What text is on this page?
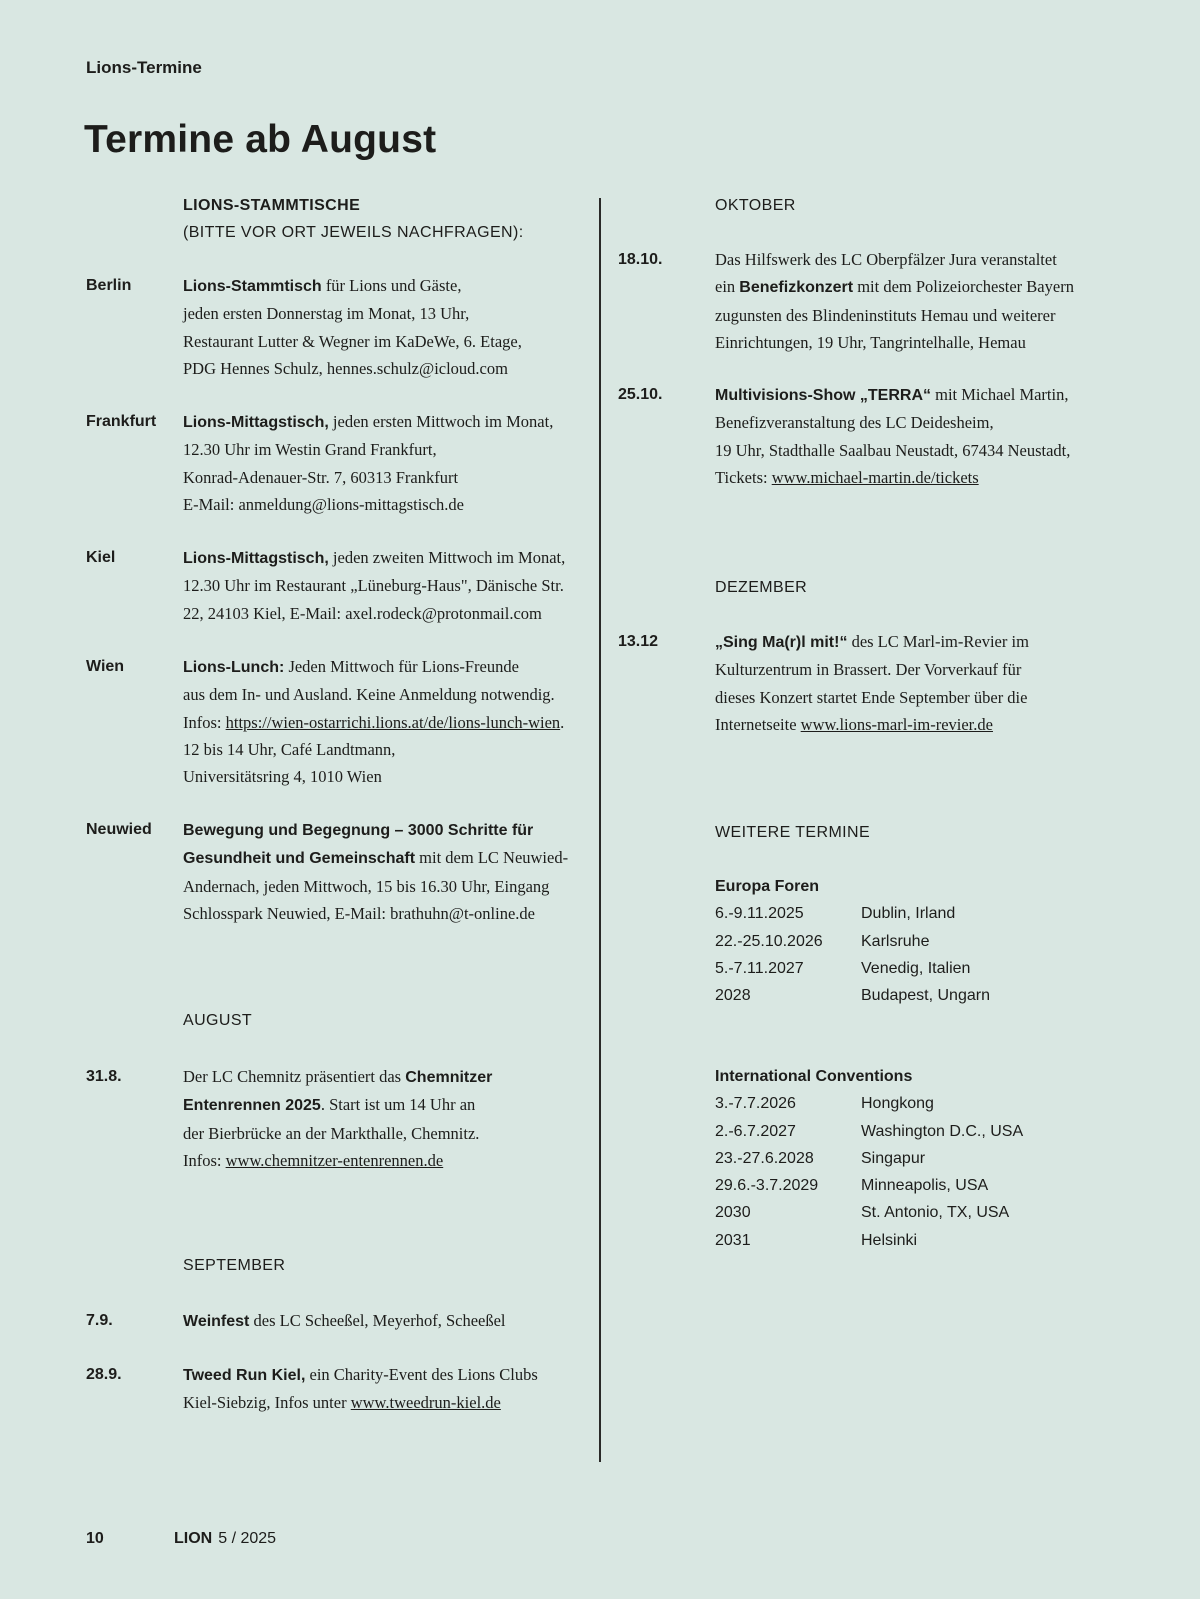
Lions-Termine
Termine ab August
LIONS-STAMMTISCHE
(BITTE VOR ORT JEWEILS NACHFRAGEN):
Berlin	Lions-Stammtisch für Lions und Gäste,
jeden ersten Donnerstag im Monat, 13 Uhr,
Restaurant Lutter & Wegner im KaDeWe, 6. Etage,
PDG Hennes Schulz, hennes.schulz@icloud.com
Frankfurt Lions-Mittagstisch, jeden ersten Mittwoch im Monat,
12.30 Uhr im Westin Grand Frankfurt,
Konrad-Adenauer-Str. 7, 60313 Frankfurt
E-Mail: anmeldung@lions-mittagstisch.de
Kiel	Lions-Mittagstisch, jeden zweiten Mittwoch im Monat,
12.30 Uhr im Restaurant „Lüneburg-Haus", Dänische Str.
22, 24103 Kiel, E-Mail: axel.rodeck@protonmail.com
Wien	Lions-Lunch: Jeden Mittwoch für Lions-Freunde
aus dem In- und Ausland. Keine Anmeldung notwendig.
Infos: https://wien-ostarrichi.lions.at/de/lions-lunch-wien.
12 bis 14 Uhr, Café Landtmann,
Universitätsring 4, 1010 Wien
Neuwied Bewegung und Begegnung – 3000 Schritte für
Gesundheit und Gemeinschaft mit dem LC Neuwied-
Andernach, jeden Mittwoch, 15 bis 16.30 Uhr, Eingang
Schlosspark Neuwied, E-Mail: brathuhn@t-online.de
AUGUST
31.8.	Der LC Chemnitz präsentiert das Chemnitzer
Entenrennen 2025. Start ist um 14 Uhr an
der Bierbrücke an der Markthalle, Chemnitz.
Infos: www.chemnitzer-entenrennen.de
SEPTEMBER
7.9.	Weinfest des LC Scheeßel, Meyerhof, Scheeßel
28.9.	Tweed Run Kiel, ein Charity-Event des Lions Clubs
Kiel-Siebzig, Infos unter www.tweedrun-kiel.de
OKTOBER
18.10.	Das Hilfswerk des LC Oberpfälzer Jura veranstaltet
ein Benefizkonzert mit dem Polizeiorchester Bayern
zugunsten des Blindeninstituts Hemau und weiterer
Einrichtungen, 19 Uhr, Tangrintelhalle, Hemau
25.10.	Multivisions-Show „TERRA“ mit Michael Martin,
Benefizveranstaltung des LC Deidesheim,
19 Uhr, Stadthalle Saalbau Neustadt, 67434 Neustadt,
Tickets: www.michael-martin.de/tickets
DEZEMBER
13.12	„Sing Ma(r)l mit!“ des LC Marl-im-Revier im
Kulturzentrum in Brassert. Der Vorverkauf für
dieses Konzert startet Ende September über die
Internetseite www.lions-marl-im-revier.de
WEITERE TERMINE
Europa Foren
6.-9.11.2025	Dublin, Irland
22.-25.10.2026	Karlsruhe
5.-7.11.2027	Venedig, Italien
2028	Budapest, Ungarn
International Conventions
3.-7.7.2026	Hongkong
2.-6.7.2027	Washington D.C., USA
23.-27.6.2028	Singapur
29.6.-3.7.2029	Minneapolis, USA
2030	St. Antonio, TX, USA
2031	Helsinki
10	LION 5 / 2025
